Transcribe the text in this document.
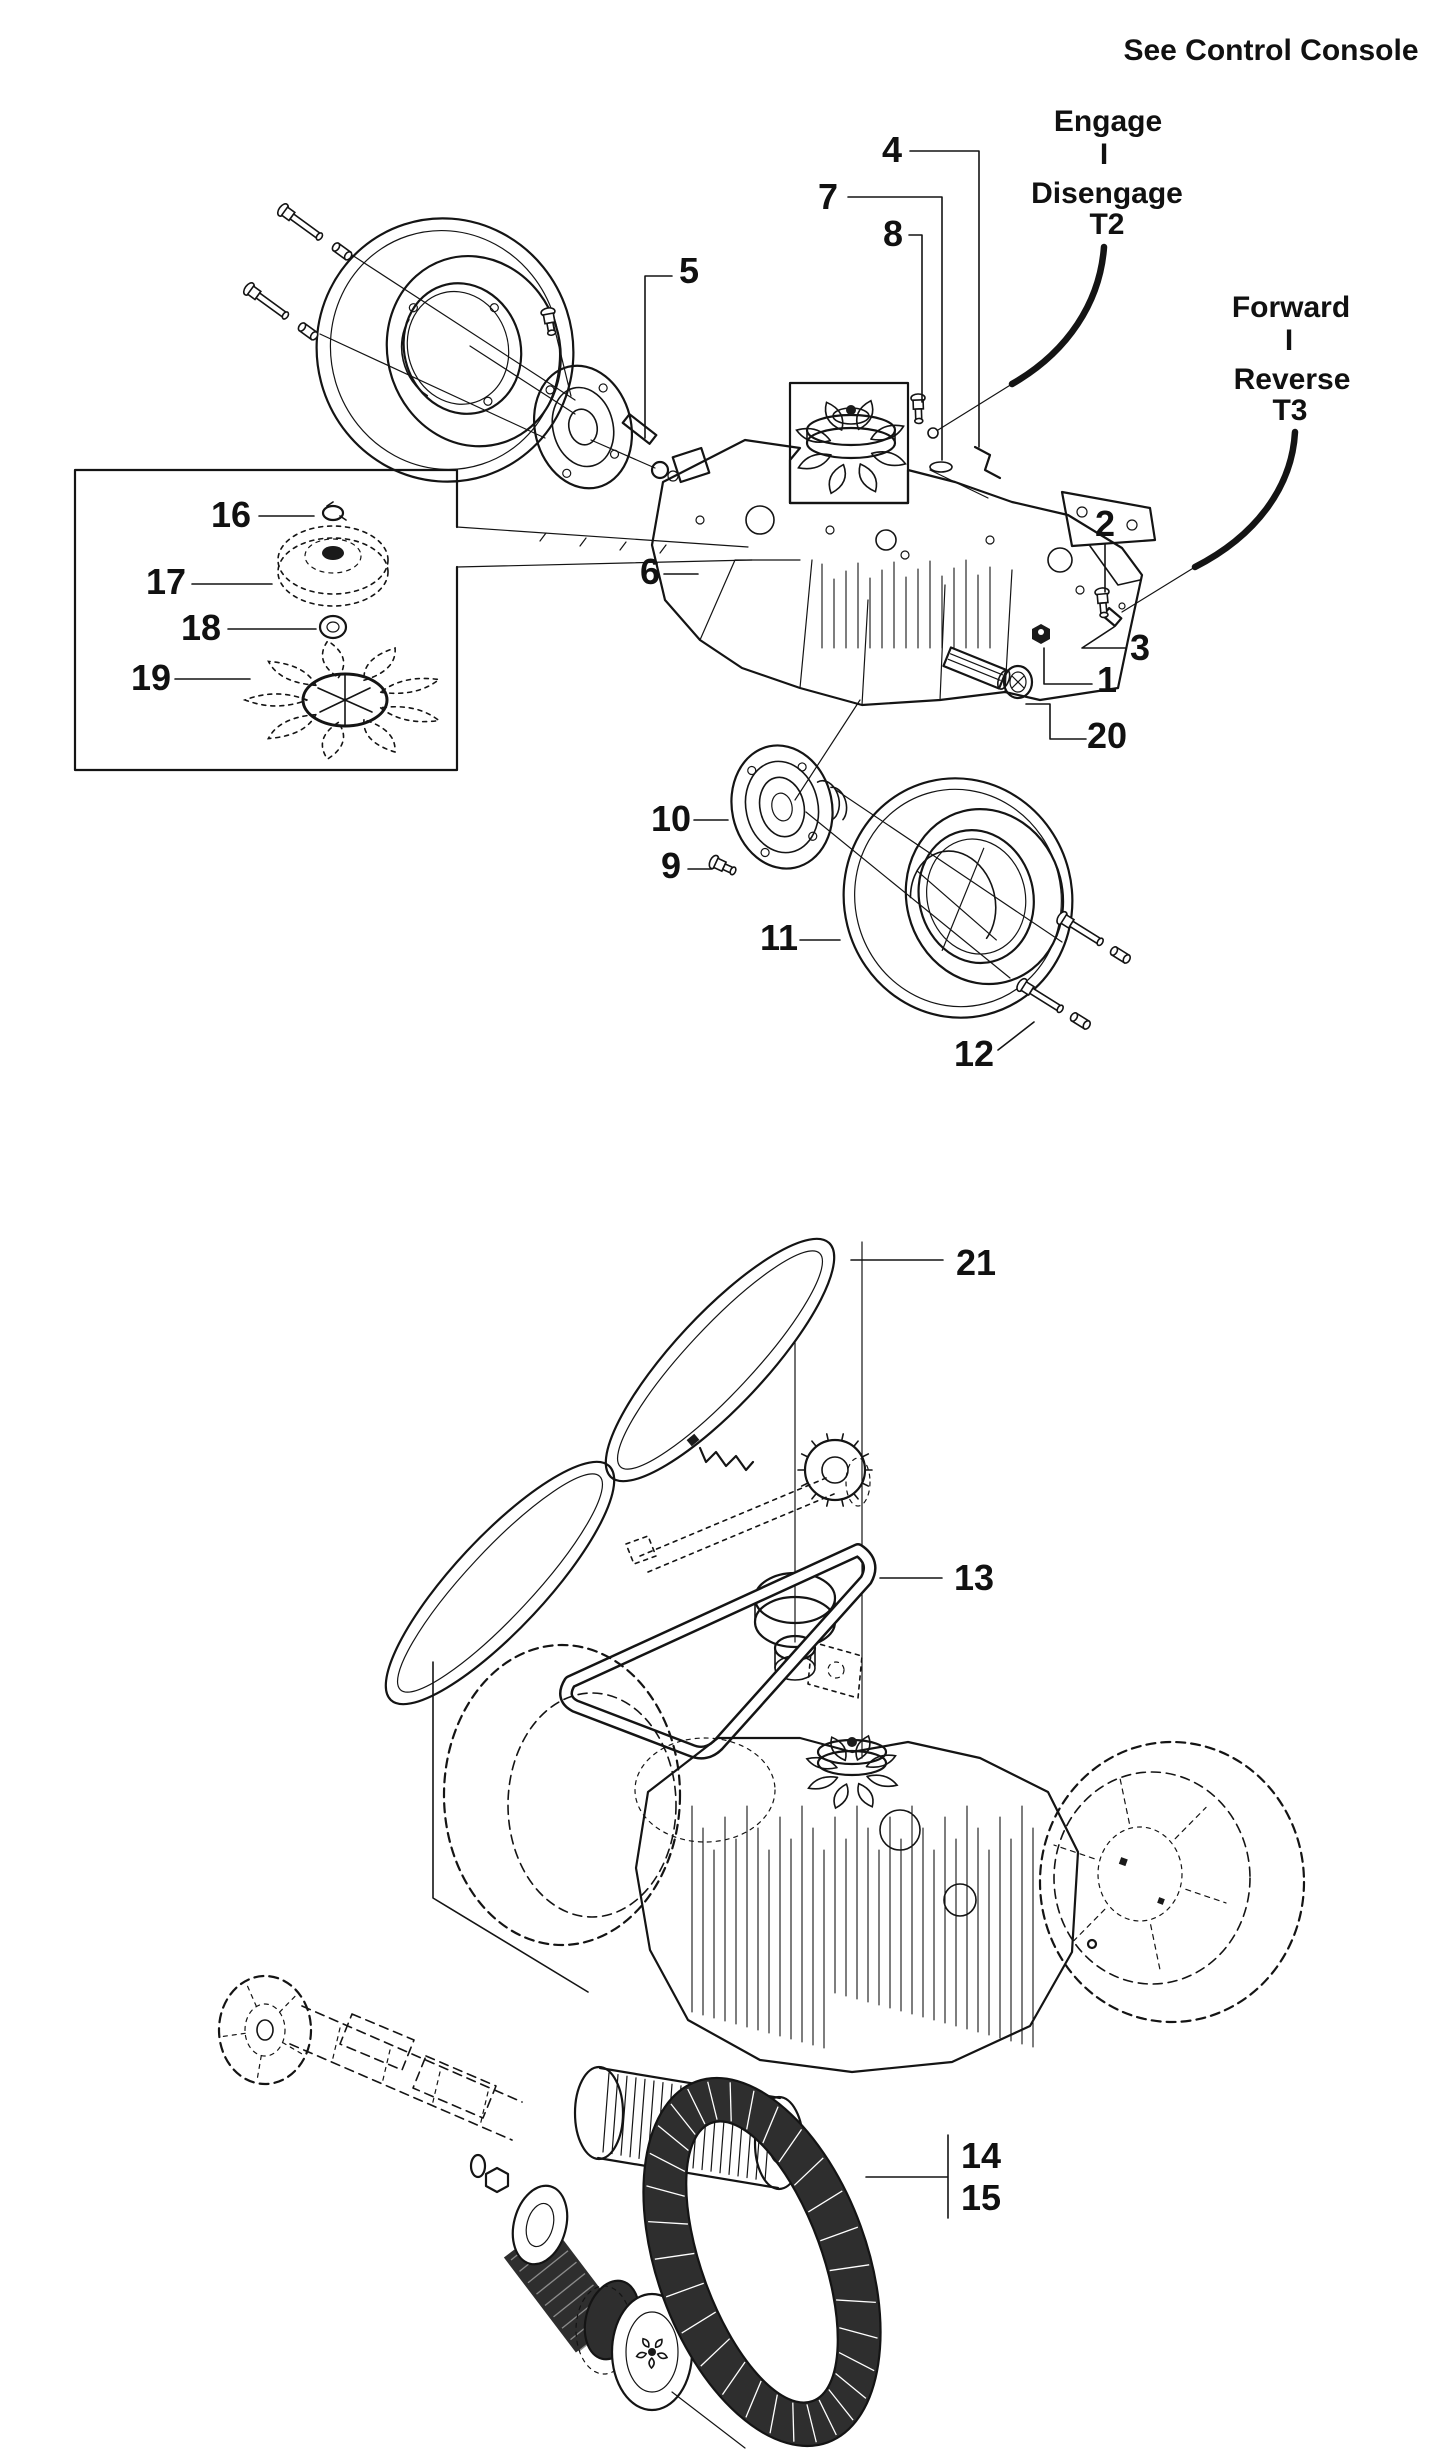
See Control Console
Engage
I
Disengage
T2
Forward
I
Reverse
T3
4
7
8
5
6
16
17
18
19
2
3
1
20
10
9
11
12
21
13
14
15
